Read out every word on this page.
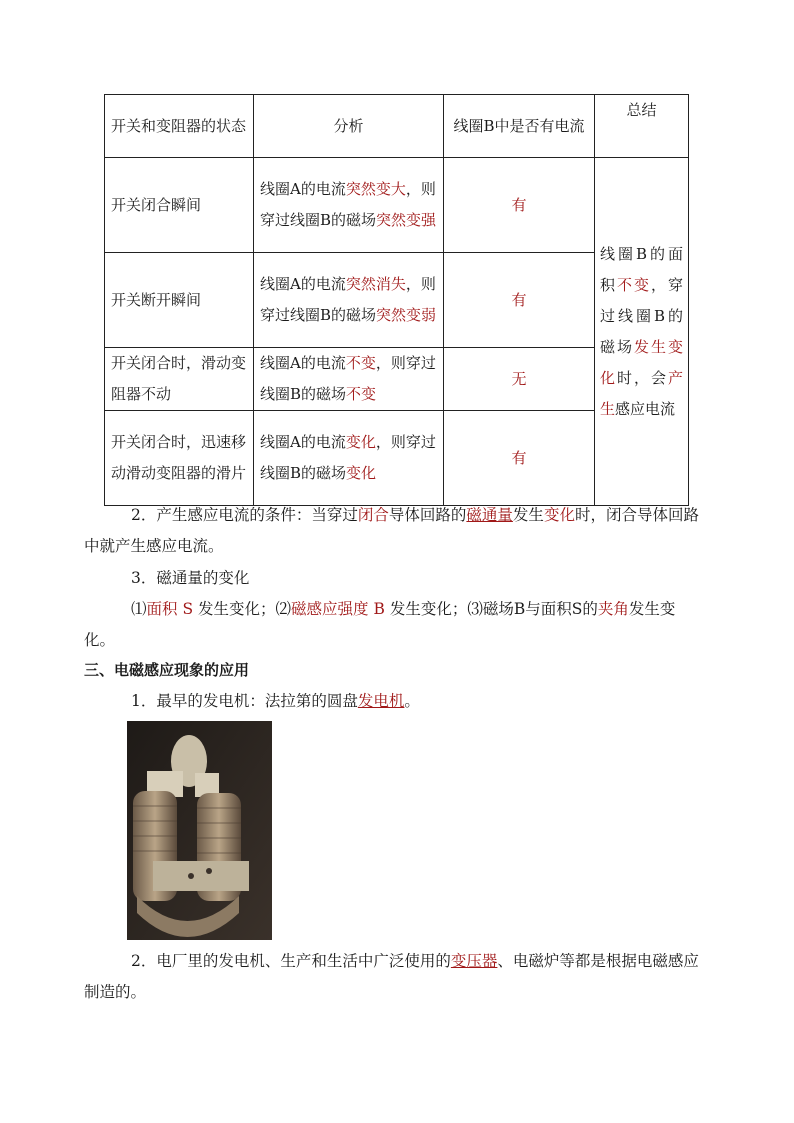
开关和变阻器的状态	分析	线圈B中是否有电流	总结
开关闭合瞬间	线圈A的电流突然变大，则穿过线圈B的磁场突然变强	有	线圈B的面积不变，穿过线圈B的磁场发生变化时，会产生感应电流
开关断开瞬间	线圈A的电流突然消失，则穿过线圈B的磁场突然变弱	有	
开关闭合时，滑动变阻器不动	线圈A的电流不变，则穿过线圈B的磁场不变	无	
开关闭合时，迅速移动滑动变阻器的滑片	线圈A的电流变化，则穿过线圈B的磁场变化	有	

2．产生感应电流的条件：当穿过闭合导体回路的磁通量发生变化时，闭合导体回路中就产生感应电流。

3．磁通量的变化

⑴面积 S 发生变化；⑵磁感应强度 B 发生变化；⑶磁场B与面积S的夹角发生变化。

三、电磁感应现象的应用

1．最早的发电机：法拉第的圆盘发电机。

2．电厂里的发电机、生产和生活中广泛使用的变压器、电磁炉等都是根据电磁感应制造的。
